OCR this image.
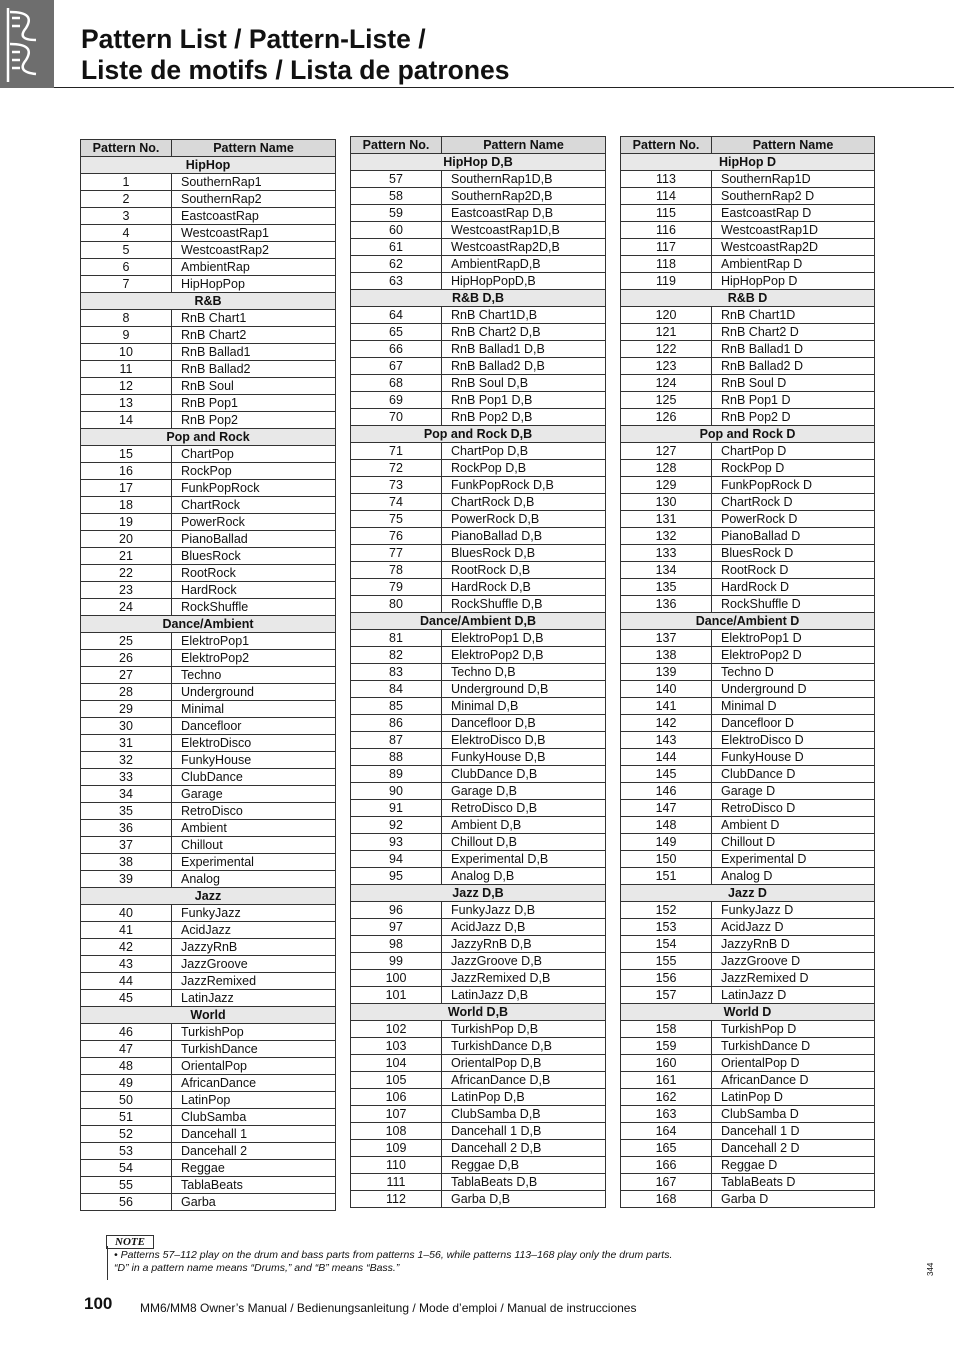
Pattern List / Pattern-Liste /
Liste de motifs / Lista de patrones
Pattern No.	Pattern Name
HipHop	
1	SouthernRap1
2	SouthernRap2
3	EastcoastRap
4	WestcoastRap1
5	WestcoastRap2
6	AmbientRap
7	HipHopPop
R&B	
8	RnB Chart1
9	RnB Chart2
10	RnB Ballad1
11	RnB Ballad2
12	RnB Soul
13	RnB Pop1
14	RnB Pop2
Pop and Rock	
15	ChartPop
16	RockPop
17	FunkPopRock
18	ChartRock
19	PowerRock
20	PianoBallad
21	BluesRock
22	RootRock
23	HardRock
24	RockShuffle
Dance/Ambient	
25	ElektroPop1
26	ElektroPop2
27	Techno
28	Underground
29	Minimal
30	Dancefloor
31	ElektroDisco
32	FunkyHouse
33	ClubDance
34	Garage
35	RetroDisco
36	Ambient
37	Chillout
38	Experimental
39	Analog
Jazz	
40	FunkyJazz
41	AcidJazz
42	JazzyRnB
43	JazzGroove
44	JazzRemixed
45	LatinJazz
World	
46	TurkishPop
47	TurkishDance
48	OrientalPop
49	AfricanDance
50	LatinPop
51	ClubSamba
52	Dancehall 1
53	Dancehall 2
54	Reggae
55	TablaBeats
56	Garba
Pattern No.	Pattern Name
HipHop D,B	
57	SouthernRap1D,B
58	SouthernRap2D,B
59	EastcoastRap D,B
60	WestcoastRap1D,B
61	WestcoastRap2D,B
62	AmbientRapD,B
63	HipHopPopD,B
R&B D,B	
64	RnB Chart1D,B
65	RnB Chart2 D,B
66	RnB Ballad1 D,B
67	RnB Ballad2 D,B
68	RnB Soul D,B
69	RnB Pop1 D,B
70	RnB Pop2 D,B
Pop and Rock D,B	
71	ChartPop D,B
72	RockPop D,B
73	FunkPopRock D,B
74	ChartRock D,B
75	PowerRock D,B
76	PianoBallad D,B
77	BluesRock D,B
78	RootRock D,B
79	HardRock D,B
80	RockShuffle D,B
Dance/Ambient D,B	
81	ElektroPop1 D,B
82	ElektroPop2 D,B
83	Techno D,B
84	Underground D,B
85	Minimal D,B
86	Dancefloor D,B
87	ElektroDisco D,B
88	FunkyHouse D,B
89	ClubDance D,B
90	Garage D,B
91	RetroDisco D,B
92	Ambient D,B
93	Chillout D,B
94	Experimental D,B
95	Analog D,B
Jazz D,B	
96	FunkyJazz D,B
97	AcidJazz D,B
98	JazzyRnB D,B
99	JazzGroove D,B
100	JazzRemixed D,B
101	LatinJazz D,B
World D,B	
102	TurkishPop D,B
103	TurkishDance D,B
104	OrientalPop D,B
105	AfricanDance D,B
106	LatinPop D,B
107	ClubSamba D,B
108	Dancehall 1 D,B
109	Dancehall 2 D,B
110	Reggae D,B
111	TablaBeats D,B
112	Garba D,B
Pattern No.	Pattern Name
HipHop D	
113	SouthernRap1D
114	SouthernRap2 D
115	EastcoastRap D
116	WestcoastRap1D
117	WestcoastRap2D
118	AmbientRap D
119	HipHopPop D
R&B D	
120	RnB Chart1D
121	RnB Chart2 D
122	RnB Ballad1 D
123	RnB Ballad2 D
124	RnB Soul D
125	RnB Pop1 D
126	RnB Pop2 D
Pop and Rock D	
127	ChartPop D
128	RockPop D
129	FunkPopRock D
130	ChartRock D
131	PowerRock D
132	PianoBallad D
133	BluesRock D
134	RootRock D
135	HardRock D
136	RockShuffle D
Dance/Ambient D	
137	ElektroPop1 D
138	ElektroPop2 D
139	Techno D
140	Underground D
141	Minimal D
142	Dancefloor D
143	ElektroDisco D
144	FunkyHouse D
145	ClubDance D
146	Garage D
147	RetroDisco D
148	Ambient D
149	Chillout D
150	Experimental D
151	Analog D
Jazz D	
152	FunkyJazz D
153	AcidJazz D
154	JazzyRnB D
155	JazzGroove D
156	JazzRemixed D
157	LatinJazz D
World D	
158	TurkishPop D
159	TurkishDance D
160	OrientalPop D
161	AfricanDance D
162	LatinPop D
163	ClubSamba D
164	Dancehall 1 D
165	Dancehall 2 D
166	Reggae D
167	TablaBeats D
168	Garba D
NOTE
• Patterns 57–112 play on the drum and bass parts from patterns 1–56, while patterns 113–168 play only the drum parts. “D” in a pattern name means “Drums,” and “B” means “Bass.”
100 MM6/MM8 Owner’s Manual / Bedienungsanleitung / Mode d’emploi / Manual de instrucciones
344
